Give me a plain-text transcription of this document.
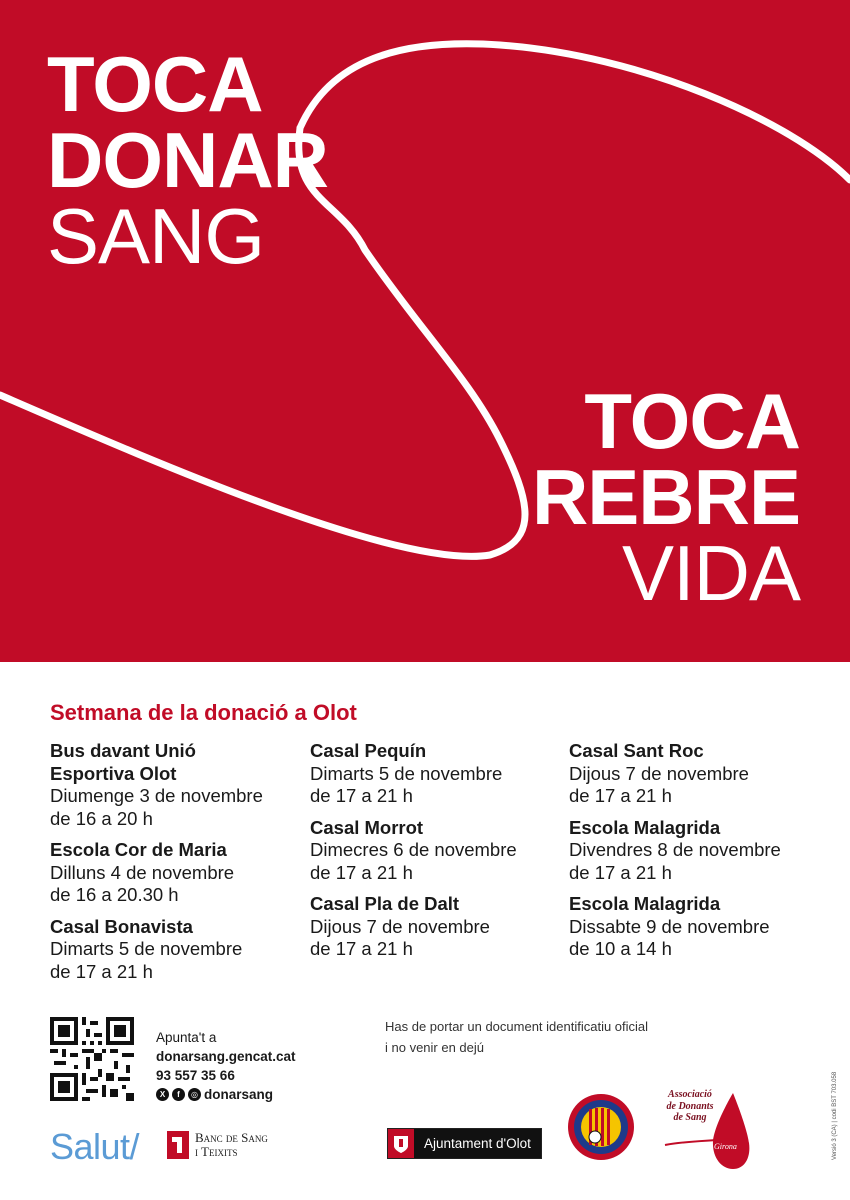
TOCA
DONAR
SANG
TOCA
REBRE
VIDA
Setmana de la donació a Olot
Bus davant Unió Esportiva Olot
Diumenge 3 de novembre
de 16 a 20 h
Escola Cor de Maria
Dilluns 4 de novembre
de 16 a 20.30 h
Casal Bonavista
Dimarts 5 de novembre
de 17 a 21 h
Casal Pequín
Dimarts 5 de novembre
de 17 a 21 h
Casal Morrot
Dimecres 6 de novembre
de 17 a 21 h
Casal Pla de Dalt
Dijous 7 de novembre
de 17 a 21 h
Casal Sant Roc
Dijous 7 de novembre
de 17 a 21 h
Escola Malagrida
Divendres 8 de novembre
de 17 a 21 h
Escola Malagrida
Dissabte 9 de novembre
de 10 a 14 h
Apunta't a
donarsang.gencat.cat
93 557 35 66
X	f	◎ donarsang
Has de portar un document identificatiu oficial
i no venir en dejú
Salut/	Banc de Sang
i Teixits
Ajuntament d'Olot
Associació
de Donants
de Sang
Girona	Versió 3 (CA) | codi BST 703.058
